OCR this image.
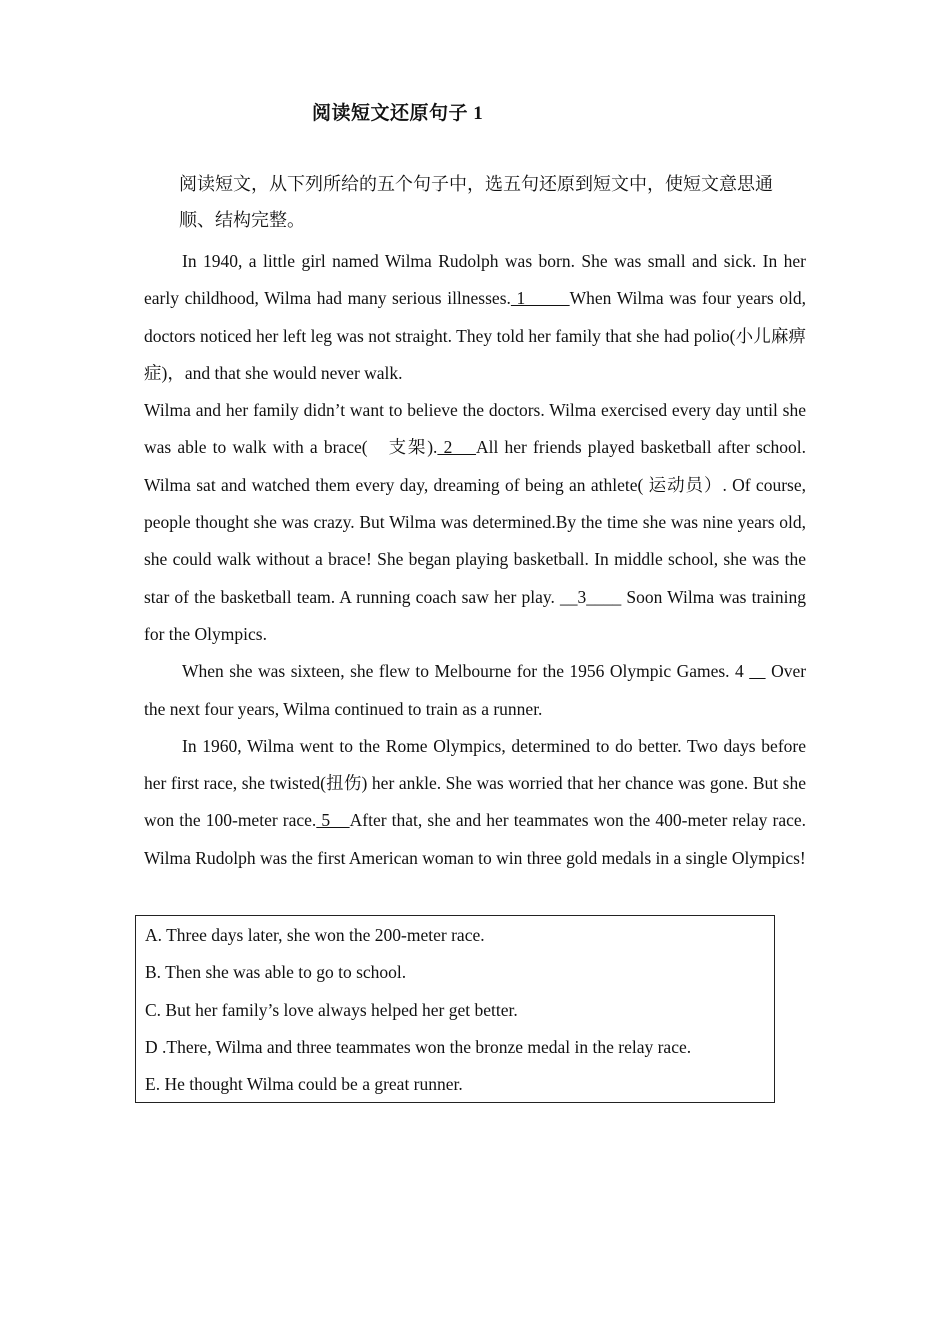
阅读短文还原句子 1
阅读短文，从下列所给的五个句子中，选五句还原到短文中，使短文意思通
顺、结构完整。

In 1940, a little girl named Wilma Rudolph was born. She was small and sick. In her early childhood, Wilma had many serious illnesses. 1        When Wilma was four years old, doctors noticed her left leg was not straight. They told her family that she had polio(小儿麻痹症)，and that she would never walk.

Wilma and her family didn’t want to believe the doctors. Wilma exercised every day until she was able to walk with a brace(　支架). 2    All her friends played basketball after school. Wilma sat and watched them every day, dreaming of being an athlete( 运动员）. Of course, people thought she was crazy. But Wilma was determined.By the time she was nine years old, she could walk without a brace! She began playing basketball. In middle school, she was the star of the basketball team. A running coach saw her play. __3____ Soon Wilma was training for the Olympics.

When she was sixteen, she flew to Melbourne for the 1956 Olympic Games. 4 Over the next four years, Wilma continued to train as a runner.

In 1960, Wilma went to the Rome Olympics, determined to do better. Two days before her first race, she twisted(扭伤) her ankle. She was worried that her chance was gone. But she won the 100-meter race. 5    After that, she and her teammates won the 400-meter relay race. Wilma Rudolph was the first American woman to win three gold medals in a single Olympics!

A. Three days later, she won the 200-meter race.

B. Then she was able to go to school.

C. But her family’s love always helped her get better.

D .There, Wilma and three teammates won the bronze medal in the relay race.

E. He thought Wilma could be a great runner.
